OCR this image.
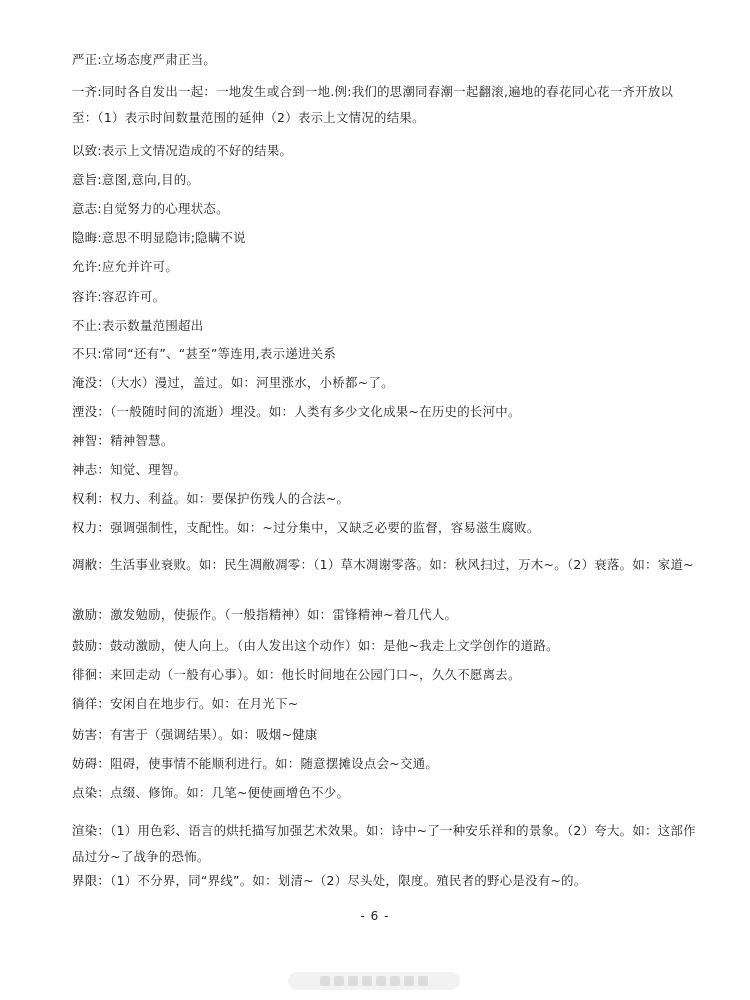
严正:立场态度严肃正当。
一齐:同时各自发出一起：一地发生或合到一地.例:我们的思潮同春潮一起翻滚,遍地的春花同心花一齐开放以至：（1）表示时间数量范围的延伸（2）表示上文情况的结果。
以致:表示上文情况造成的不好的结果。
意旨:意图,意向,目的。
意志:自觉努力的心理状态。
隐晦:意思不明显隐讳;隐瞒不说
允许:应允并许可。
容许:容忍许可。
不止:表示数量范围超出
不只:常同“还有”、“甚至”等连用,表示递进关系
淹没：（大水）漫过，盖过。如：河里涨水，小桥都~了。
湮没：（一般随时间的流逝）埋没。如：人类有多少文化成果~在历史的长河中。
神智：精神智慧。
神志：知觉、理智。
权利：权力、利益。如：要保护伤残人的合法~。
权力：强调强制性，支配性。如：~过分集中，又缺乏必要的监督，容易滋生腐败。
凋敝：生活事业衰败。如：民生凋敝凋零：（1）草木凋谢零落。如：秋风扫过，万木~。（2）衰落。如：家道~
激励：激发勉励，使振作。（一般指精神）如：雷锋精神~着几代人。
鼓励：鼓动激励，使人向上。（由人发出这个动作）如：是他~我走上文学创作的道路。
徘徊：来回走动（一般有心事）。如：他长时间地在公园门口~，久久不愿离去。
徜徉：安闲自在地步行。如：在月光下~
妨害：有害于（强调结果）。如：吸烟~健康
妨碍：阻碍，使事情不能顺利进行。如：随意摆摊设点会~交通。
点染：点缀、修饰。如：几笔~便使画增色不少。
渲染：（1）用色彩、语言的烘托描写加强艺术效果。如：诗中~了一种安乐祥和的景象。（2）夸大。如：这部作品过分~了战争的恐怖。
界限：（1）不分界，同“界线”。如：划清~（2）尽头处，限度。殖民者的野心是没有~的。
- 6 -
